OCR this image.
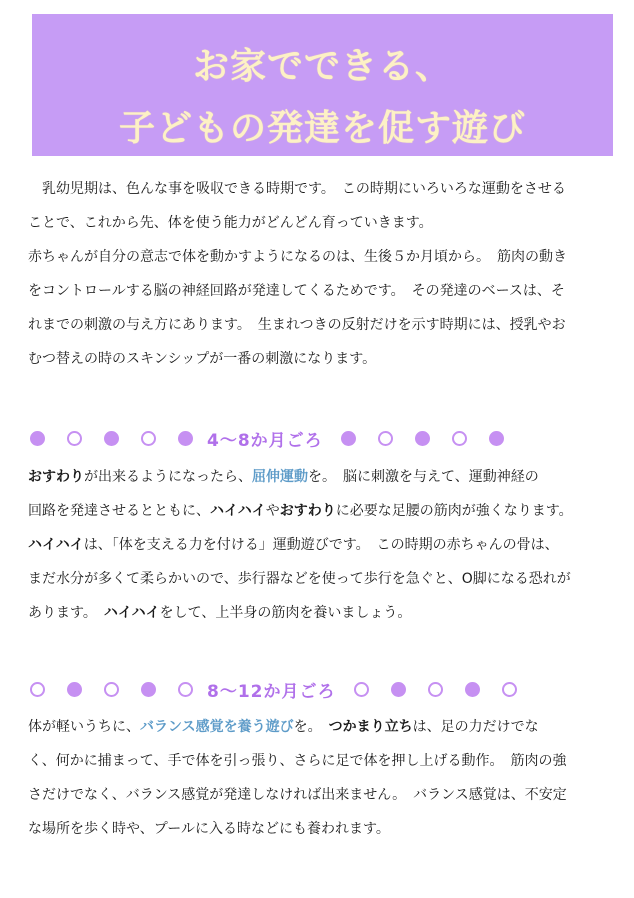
お家でできる、
子どもの発達を促す遊び

乳幼児期は、色んな事を吸収できる時期です。　この時期にいろいろな運動をさせる
ことで、これから先、体を使う能力がどんどん育っていきます。
赤ちゃんが自分の意志で体を動かすようになるのは、生後５か月頃から。　筋肉の動き
をコントロールする脳の神経回路が発達してくるためです。　その発達のベースは、そ
れまでの刺激の与え方にあります。　生まれつきの反射だけを示す時期には、授乳やお
むつ替えの時のスキンシップが一番の刺激になります。

4～8か月ごろ

おすわりが出来るようになったら、屈伸運動を。　脳に刺激を与えて、運動神経の
回路を発達させるとともに、ハイハイやおすわりに必要な足腰の筋肉が強くなります。
ハイハイは、「体を支える力を付ける」運動遊びです。　この時期の赤ちゃんの骨は、
まだ水分が多くて柔らかいので、歩行器などを使って歩行を急ぐと、O脚になる恐れが
あります。　ハイハイをして、上半身の筋肉を養いましょう。

8～12か月ごろ

体が軽いうちに、バランス感覚を養う遊びを。　つかまり立ちは、足の力だけでな
く、何かに捕まって、手で体を引っ張り、さらに足で体を押し上げる動作。　筋肉の強
さだけでなく、バランス感覚が発達しなければ出来ません。　バランス感覚は、不安定
な場所を歩く時や、プールに入る時などにも養われます。
